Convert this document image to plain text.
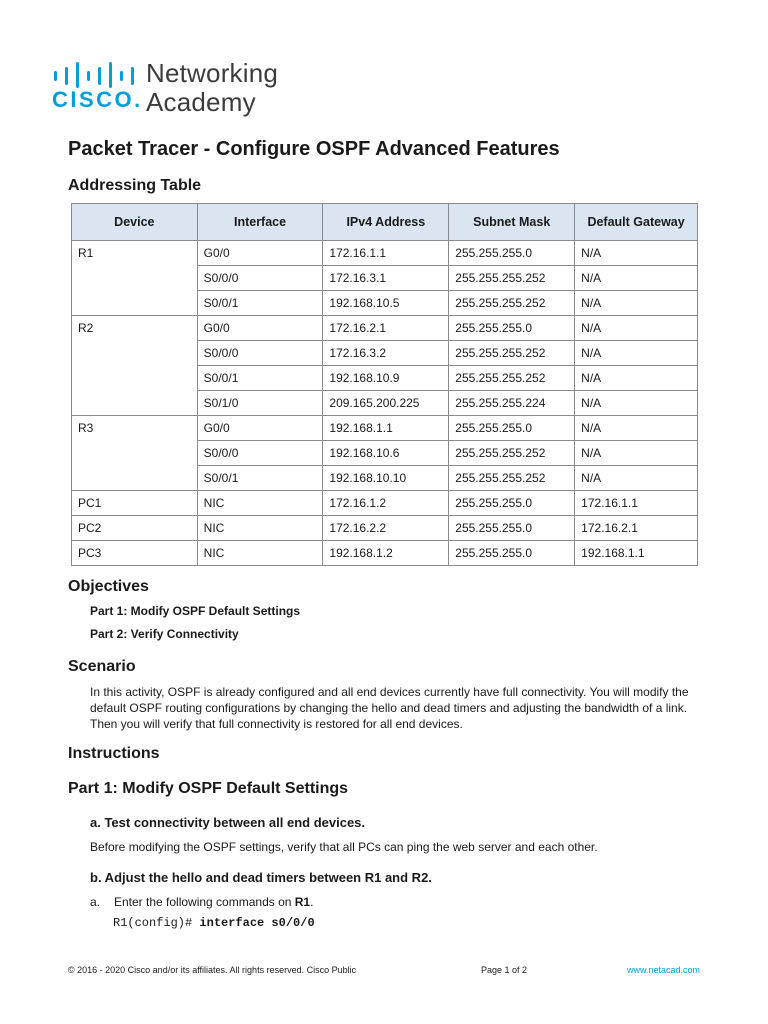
CISCO.
Networking
Academy
Packet Tracer - Configure OSPF Advanced Features
Addressing Table
Device	Interface	IPv4 Address	Subnet Mask	Default Gateway
R1	G0/0	172.16.1.1	255.255.255.0	N/A
	S0/0/0	172.16.3.1	255.255.255.252	N/A
	S0/0/1	192.168.10.5	255.255.255.252	N/A
R2	G0/0	172.16.2.1	255.255.255.0	N/A
	S0/0/0	172.16.3.2	255.255.255.252	N/A
	S0/0/1	192.168.10.9	255.255.255.252	N/A
	S0/1/0	209.165.200.225	255.255.255.224	N/A
R3	G0/0	192.168.1.1	255.255.255.0	N/A
	S0/0/0	192.168.10.6	255.255.255.252	N/A
	S0/0/1	192.168.10.10	255.255.255.252	N/A
PC1	NIC	172.16.1.2	255.255.255.0	172.16.1.1
PC2	NIC	172.16.2.2	255.255.255.0	172.16.2.1
PC3	NIC	192.168.1.2	255.255.255.0	192.168.1.1
Objectives
Part 1: Modify OSPF Default Settings
Part 2: Verify Connectivity
Scenario

In this activity, OSPF is already configured and all end devices currently have full connectivity. You will modify the default OSPF routing configurations by changing the hello and dead timers and adjusting the bandwidth of a link. Then you will verify that full connectivity is restored for all end devices.

Instructions
Part 1: Modify OSPF Default Settings
a. Test connectivity between all end devices.

Before modifying the OSPF settings, verify that all PCs can ping the web server and each other.

b. Adjust the hello and dead timers between R1 and R2.
a. Enter the following commands on R1.
R1(config)# interface s0/0/0
© 2016 - 2020 Cisco and/or its affiliates. All rights reserved. Cisco Public	Page 1 of 2	www.netacad.com
